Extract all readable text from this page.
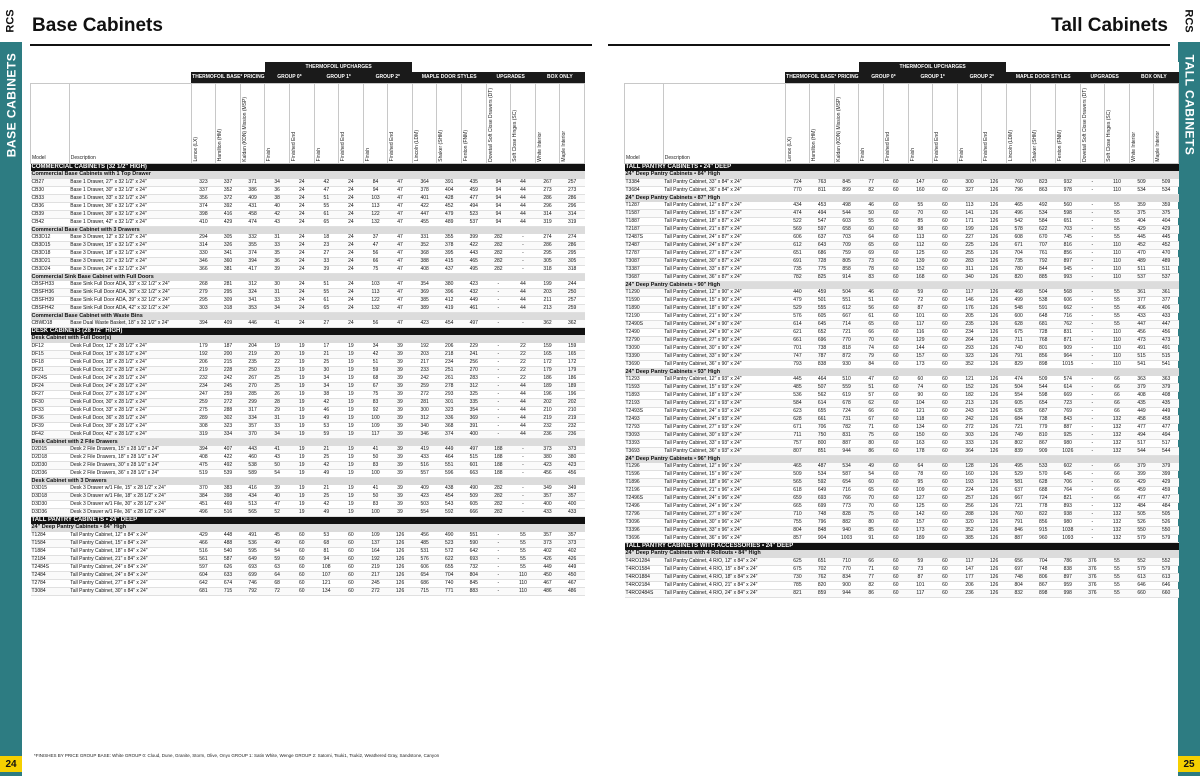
RCS
BASE CABINETS
24
Base Cabinets
					THERMOFOIL UPCHARGES												
		THERMOFOIL BASE* PRICING			GROUP 0*		GROUP 1*		GROUP 2*		MAPLE DOOR STYLES			UPGRADES		BOX ONLY	
Model	Description	Lenox (LX)	Hamilton (HM)	Kaldan (KDN) Mission (MSP)	Finish	Finished End	Finish	Finished End	Finish	Finished End	Lincoln (LDM)	Shaker (SHM)	Fenton (FNM)	Dovetail Soft Close Drawers (DT)	Soft Close Hinges (SC)	White Interior	Maple Interior

COMMERCIAL CABINETS (32 1/2" HIGH)																	
Commercial Base Cabinets with 1 Top Drawer																	
CB27	Base 1 Drawer, 27" x 32 1/2" x 24"	323	337	371	34	24	42	24	84	47	364	391	435	94	44	267	257
CB30	Base 1 Drawer, 30" x 32 1/2" x 24"	337	352	386	36	24	47	24	94	47	378	404	459	94	44	273	273
CB33	Base 1 Drawer, 33" x 32 1/2" x 24"	356	372	409	38	24	51	24	103	47	401	428	477	94	44	286	286
CB36	Base 1 Drawer, 36" x 32 1/2" x 24"	374	392	431	40	24	55	24	113	47	422	452	494	94	44	296	296
CB39	Base 1 Drawer, 39" x 32 1/2" x 24"	398	416	458	42	24	61	24	122	47	447	479	523	94	44	314	314
CB42	Base 1 Drawer, 42" x 32 1/2" x 24"	410	429	474	43	24	65	24	132	47	455	489	537	94	44	319	319
Commercial Base Cabinet with 3 Drawers																	
CB3D12	Base 3 Drawer, 12" x 32 1/2" x 24"	294	305	332	31	24	18	24	37	47	331	355	399	282	-	274	274
CB3D15	Base 3 Drawer, 15" x 32 1/2" x 24"	314	326	355	33	24	23	24	47	47	352	378	422	282	-	286	286
CB3D18	Base 3 Drawer, 18" x 32 1/2" x 24"	330	341	374	35	24	27	24	56	47	368	395	443	282	-	295	295
CB3D21	Base 3 Drawer, 21" x 32 1/2" x 24"	346	360	394	36	24	33	24	66	47	388	415	465	282	-	305	305
CB3D24	Base 3 Drawer, 24" x 32 1/2" x 24"	366	381	417	39	24	39	24	75	47	408	437	495	282	-	318	318
Commercial Sink Base Cabinet with Full Doors																	
CBSFH33	Base Sink Full Door ADA, 33" x 32 1/2" x 24"	268	281	312	30	24	51	24	103	47	354	380	423	-	44	199	244
CBSFH36	Base Sink Full Door ADA, 36" x 32 1/2" x 24"	279	295	324	31	24	55	24	113	47	369	396	432	-	44	203	250
CBSFH39	Base Sink Full Door ADA, 39" x 32 1/2" x 24"	295	309	341	33	24	61	24	122	47	385	412	449	-	44	211	257
CBSFH42	Base Sink Full Door ADA, 42" x 32 1/2" x 24"	303	318	353	34	24	65	24	132	47	389	419	461	-	44	213	259
Commercial Base Cabinet with Waste Bins																	
CBWD18	Base Dual Waste Basket, 18" x 32 1/2" x 24"	394	409	446	41	24	27	24	56	47	423	454	497	-	-	362	362
DESK CABINETS (28 1/2" HIGH)																	
Desk Cabinet with Full Door(s)																	
DF12	Desk Full Door, 12" x 28 1/2" x 24"	179	187	204	19	19	17	19	34	39	192	206	229	-	22	159	159
DF15	Desk Full Door, 15" x 28 1/2" x 24"	192	200	219	20	19	21	19	42	39	203	218	241	-	22	165	165
DF18	Desk Full Door, 18" x 28 1/2" x 24"	206	215	235	22	19	25	19	51	39	217	234	256	-	22	172	172
DF21	Desk Full Door, 21" x 28 1/2" x 24"	219	228	250	23	19	30	19	59	39	233	251	270	-	22	179	179
DF24S	Desk Full Door, 24" x 28 1/2" x 24"	232	242	267	25	19	34	19	68	39	242	261	283	-	22	186	186
DF24	Desk Full Door, 24" x 28 1/2" x 24"	234	245	270	25	19	34	19	67	39	259	278	312	-	44	189	189
DF27	Desk Full Door, 27" x 28 1/2" x 24"	247	259	285	26	19	38	19	75	39	272	293	325	-	44	196	196
DF30	Desk Full Door, 30" x 28 1/2" x 24"	259	272	299	28	19	42	19	83	39	281	301	335	-	44	202	202
DF33	Desk Full Door, 33" x 28 1/2" x 24"	275	288	317	29	19	46	19	92	39	300	323	354	-	44	210	210
DF36	Desk Full Door, 36" x 28 1/2" x 24"	289	302	334	31	19	49	19	100	39	312	336	369	-	44	219	219
DF39	Desk Full Door, 39" x 28 1/2" x 24"	308	323	357	33	19	53	19	109	39	340	368	391	-	44	232	232
DF42	Desk Full Door, 42" x 28 1/2" x 24"	319	334	370	34	19	59	19	117	39	346	374	400	-	44	236	236
Desk Cabinet with 2 File Drawers																	
D2D15	Desk 2 File Drawers, 15" x 28 1/2" x 24"	394	407	443	41	19	21	19	41	39	419	449	497	188	-	373	373
D2D18	Desk 2 File Drawers, 18" x 28 1/2" x 24"	408	422	460	43	19	25	19	50	39	433	464	515	188	-	380	380
D2D30	Desk 2 File Drawers, 30" x 28 1/2" x 24"	475	492	538	50	19	42	19	83	39	516	551	601	188	-	423	423
D2D36	Desk 2 File Drawers, 36" x 28 1/2" x 24"	519	539	589	54	19	49	19	100	39	557	596	663	188	-	456	456
Desk Cabinet with 3 Drawers																	
D3D15	Desk 3 Drawer w/1 File, 15" x 28 1/2" x 24"	370	383	416	39	19	21	19	41	39	409	438	490	282	-	349	349
D3D18	Desk 3 Drawer w/1 File, 18" x 28 1/2" x 24"	384	398	434	40	19	25	19	50	39	423	454	509	282	-	357	357
D3D30	Desk 3 Drawer w/1 File, 30" x 28 1/2" x 24"	451	469	513	47	19	42	19	83	39	503	543	605	282	-	400	400
D3D36	Desk 3 Drawer w/1 File, 36" x 28 1/2" x 24"	496	516	565	52	19	49	19	100	39	554	592	666	282	-	433	433
TALL PANTRY CABINETS • 24" DEEP																	
24" Deep Pantry Cabinets • 84" High																	
T1284	Tall Pantry Cabinet, 12" x 84" x 24"	429	448	491	45	60	53	60	109	126	456	490	551	-	55	357	357
T1584	Tall Pantry Cabinet, 15" x 84" x 24"	466	488	536	49	60	68	60	137	126	485	523	590	-	55	373	373
T1884	Tall Pantry Cabinet, 18" x 84" x 24"	516	540	595	54	60	81	60	164	126	531	572	642	-	55	402	402
T2184	Tall Pantry Cabinet, 21" x 84" x 24"	561	587	649	59	60	94	60	192	126	576	622	693	-	55	426	426
T2484S	Tall Pantry Cabinet, 24" x 84" x 24"	597	626	693	63	60	108	60	219	126	606	655	732	-	55	449	449
T2484	Tall Pantry Cabinet, 24" x 84" x 24"	604	633	699	64	60	107	60	217	126	654	704	804	-	110	450	450
T2784	Tall Pantry Cabinet, 27" x 84" x 24"	642	674	746	68	60	121	60	245	126	686	740	845	-	110	467	467
T3084	Tall Pantry Cabinet, 30" x 84" x 24"	681	715	792	72	60	134	60	272	126	715	771	883	-	110	486	486
*FINISHES BY PRICE GROUP BASE: White GROUP 0: Cloud, Dune, Granite, Storm, Olive, Onyx GROUP 1: Satin White, Wenge GROUP 2: Satomi, Tsuki1, Tsuki2, Weathered Gray, Sandstone, Canyon
RCS
TALL CABINETS
25
Tall Cabinets
					THERMOFOIL UPCHARGES												
		THERMOFOIL BASE* PRICING			GROUP 0*		GROUP 1*		GROUP 2*		MAPLE DOOR STYLES			UPGRADES		BOX ONLY	
Model	Description	Lenox (LX)	Hamilton (HM)	Kaldan (KDN) Mission (MSP)	Finish	Finished End	Finish	Finished End	Finish	Finished End	Lincoln (LDM)	Shaker (SHM)	Fenton (FNM)	Dovetail Soft Close Drawers (DT)	Soft Close Hinges (SC)	White Interior	Maple Interior

TALL PANTRY CABINETS • 24" DEEP																	
24" Deep Pantry Cabinets • 84" High																	
T3384	Tall Pantry Cabinet, 33" x 84" x 24"	724	763	845	77	60	147	60	300	126	760	823	932	-	110	509	509
T3684	Tall Pantry Cabinet, 36" x 84" x 24"	770	811	899	82	60	160	60	327	126	796	863	978	-	110	534	534
24" Deep Pantry Cabinets • 87" High																	
T1287	Tall Pantry Cabinet, 12" x 87" x 24"	434	453	498	46	60	55	60	113	126	465	492	560	-	55	359	359
T1587	Tall Pantry Cabinet, 15" x 87" x 24"	474	494	544	50	60	70	60	141	126	496	534	598	-	55	375	375
T1887	Tall Pantry Cabinet, 18" x 87" x 24"	522	547	603	55	60	85	60	171	126	542	584	651	-	55	404	404
T2187	Tall Pantry Cabinet, 21" x 87" x 24"	569	597	658	60	60	98	60	199	126	578	622	703	-	55	429	429
T2487S	Tall Pantry Cabinet, 24" x 87" x 24"	606	637	703	64	60	113	60	227	126	608	670	745	-	55	445	445
T2487	Tall Pantry Cabinet, 24" x 87" x 24"	612	643	709	65	60	112	60	225	126	671	707	816	-	110	452	452
T2787	Tall Pantry Cabinet, 27" x 87" x 24"	651	686	759	69	60	125	60	255	126	704	761	856	-	110	470	470
T3087	Tall Pantry Cabinet, 30" x 87" x 24"	691	728	805	73	60	139	60	283	126	735	792	897	-	110	489	489
T3387	Tall Pantry Cabinet, 33" x 87" x 24"	735	775	858	78	60	152	60	311	126	780	844	945	-	110	511	511
T3687	Tall Pantry Cabinet, 36" x 87" x 24"	782	825	914	83	60	168	60	340	126	820	885	993	-	110	537	537
24" Deep Pantry Cabinets • 90" High																	
T1290	Tall Pantry Cabinet, 12" x 90" x 24"	440	459	504	46	60	59	60	117	126	468	504	568	-	55	361	361
T1590	Tall Pantry Cabinet, 15" x 90" x 24"	479	501	551	51	60	72	60	146	126	499	538	606	-	55	377	377
T1890	Tall Pantry Cabinet, 18" x 90" x 24"	529	555	612	56	60	87	60	176	126	548	591	662	-	55	406	406
T2190	Tall Pantry Cabinet, 21" x 90" x 24"	576	605	667	61	60	101	60	205	126	600	648	716	-	55	433	433
T2490S	Tall Pantry Cabinet, 24" x 90" x 24"	614	645	714	65	60	117	60	235	126	628	681	762	-	55	447	447
T2490	Tall Pantry Cabinet, 24" x 90" x 24"	621	652	721	66	60	116	60	234	126	675	728	831	-	110	456	456
T2790	Tall Pantry Cabinet, 27" x 90" x 24"	661	696	770	70	60	129	60	264	126	711	768	871	-	110	473	473
T3090	Tall Pantry Cabinet, 30" x 90" x 24"	701	738	818	74	60	144	60	293	126	740	801	909	-	110	491	491
T3390	Tall Pantry Cabinet, 33" x 90" x 24"	747	787	872	79	60	157	60	323	126	791	856	964	-	110	515	515
T3690	Tall Pantry Cabinet, 36" x 90" x 24"	793	838	930	84	60	173	60	352	126	829	898	1015	-	110	541	541
24" Deep Pantry Cabinets • 93" High																	
T1293	Tall Pantry Cabinet, 12" x 93" x 24"	445	464	510	47	60	60	60	121	126	474	509	574	-	66	363	363
T1593	Tall Pantry Cabinet, 15" x 93" x 24"	485	507	559	51	60	74	60	152	126	504	544	614	-	66	379	379
T1893	Tall Pantry Cabinet, 18" x 93" x 24"	536	562	619	57	60	90	60	182	126	554	598	669	-	66	408	408
T2193	Tall Pantry Cabinet, 21" x 93" x 24"	584	614	678	62	60	104	60	213	126	605	654	723	-	66	435	435
T2493S	Tall Pantry Cabinet, 24" x 93" x 24"	623	655	724	66	60	121	60	243	126	635	687	769	-	66	449	449
T2493	Tall Pantry Cabinet, 24" x 93" x 24"	628	661	731	67	60	118	60	242	126	684	738	843	-	132	458	458
T2793	Tall Pantry Cabinet, 27" x 93" x 24"	671	706	782	71	60	134	60	272	126	721	779	887	-	132	477	477
T3093	Tall Pantry Cabinet, 30" x 93" x 24"	711	750	831	75	60	150	60	303	126	749	810	925	-	132	494	494
T3393	Tall Pantry Cabinet, 33" x 93" x 24"	757	800	887	80	60	163	60	333	126	802	867	980	-	132	517	517
T3693	Tall Pantry Cabinet, 36" x 93" x 24"	807	851	944	86	60	178	60	364	126	839	909	1026	-	132	544	544
24" Deep Pantry Cabinets • 96" High																	
T1296	Tall Pantry Cabinet, 12" x 96" x 24"	465	487	534	49	60	64	60	128	126	495	533	602	-	66	379	379
T1596	Tall Pantry Cabinet, 15" x 96" x 24"	509	534	587	54	60	78	60	160	126	529	570	645	-	66	399	399
T1896	Tall Pantry Cabinet, 18" x 96" x 24"	565	592	654	60	60	95	60	193	126	581	628	706	-	66	429	429
T2196	Tall Pantry Cabinet, 21" x 96" x 24"	618	649	716	65	60	109	60	224	126	637	688	764	-	66	459	459
T2496S	Tall Pantry Cabinet, 24" x 96" x 24"	659	693	766	70	60	127	60	257	126	667	724	821	-	66	477	477
T2496	Tall Pantry Cabinet, 24" x 96" x 24"	665	699	773	70	60	125	60	256	126	721	778	893	-	132	484	484
T2796	Tall Pantry Cabinet, 27" x 96" x 24"	710	748	828	75	60	142	60	288	126	760	822	938	-	132	505	505
T3096	Tall Pantry Cabinet, 30" x 96" x 24"	755	796	882	80	60	157	60	320	126	791	856	980	-	132	526	526
T3396	Tall Pantry Cabinet, 33" x 96" x 24"	804	848	940	85	60	173	60	352	126	846	915	1038	-	132	550	550
T3696	Tall Pantry Cabinet, 36" x 96" x 24"	857	904	1003	91	60	189	60	385	126	887	960	1093	-	132	579	579
TALL PANTRY CABINETS WITH ACCESSORIES • 24" DEEP																	
24" Deep Pantry Cabinets with 4 Rollouts • 84" High																	
T4RO1284	Tall Pantry Cabinet, 4 R/O, 12" x 84" x 24"	625	651	710	66	60	59	60	117	126	656	704	786	376	55	552	552
T4RO1584	Tall Pantry Cabinet, 4 R/O, 15" x 84" x 24"	675	702	770	71	60	73	60	147	126	697	748	838	376	55	579	579
T4RO1884	Tall Pantry Cabinet, 4 R/O, 18" x 84" x 24"	730	762	834	77	60	87	60	177	126	748	806	897	376	55	613	613
T4RO2184	Tall Pantry Cabinet, 4 R/O, 21" x 84" x 24"	785	820	900	82	60	101	60	206	126	804	867	959	376	55	646	646
T4RO2484S	Tall Pantry Cabinet, 4 R/O, 24" x 84" x 24"	821	859	944	86	60	117	60	236	126	832	898	998	376	55	660	660
